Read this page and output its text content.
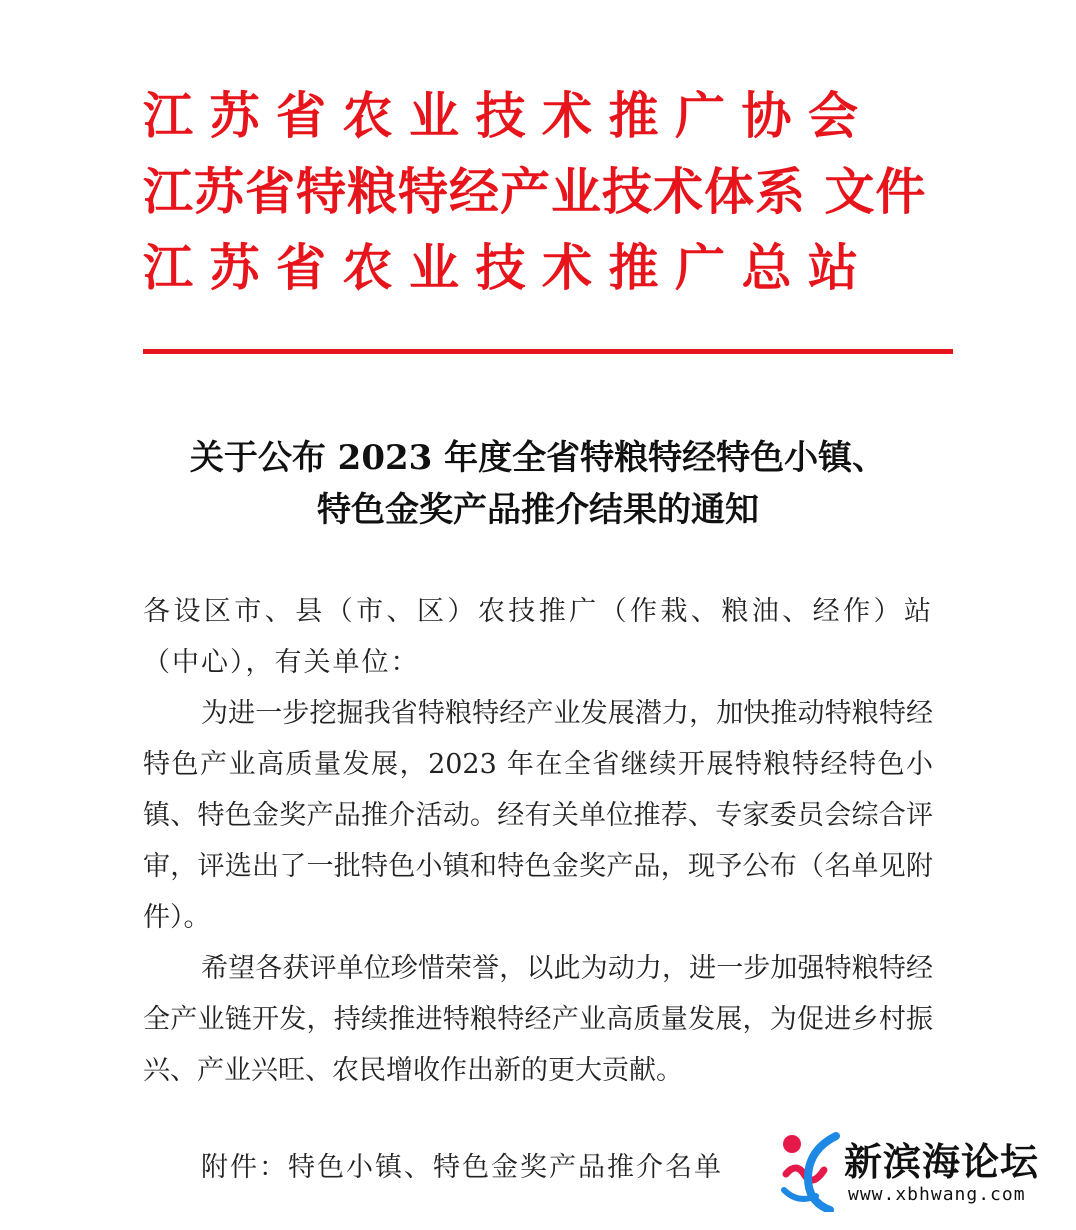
江苏省农业技术推广协会
江苏省特粮特经产业技术体系 文件
江苏省农业技术推广总站
关于公布 2023 年度全省特粮特经特色小镇、
特色金奖产品推介结果的通知

各设区市、县（市、区）农技推广（作栽、粮油、经作）站（中心），有关单位：

为进一步挖掘我省特粮特经产业发展潜力，加快推动特粮特经特色产业高质量发展，2023 年在全省继续开展特粮特经特色小镇、特色金奖产品推介活动。经有关单位推荐、专家委员会综合评审，评选出了一批特色小镇和特色金奖产品，现予公布（名单见附件）。

希望各获评单位珍惜荣誉，以此为动力，进一步加强特粮特经全产业链开发，持续推进特粮特经产业高质量发展，为促进乡村振兴、产业兴旺、农民增收作出新的更大贡献。

附件：特色小镇、特色金奖产品推介名单	新滨海论坛
www.xbhwang.com
